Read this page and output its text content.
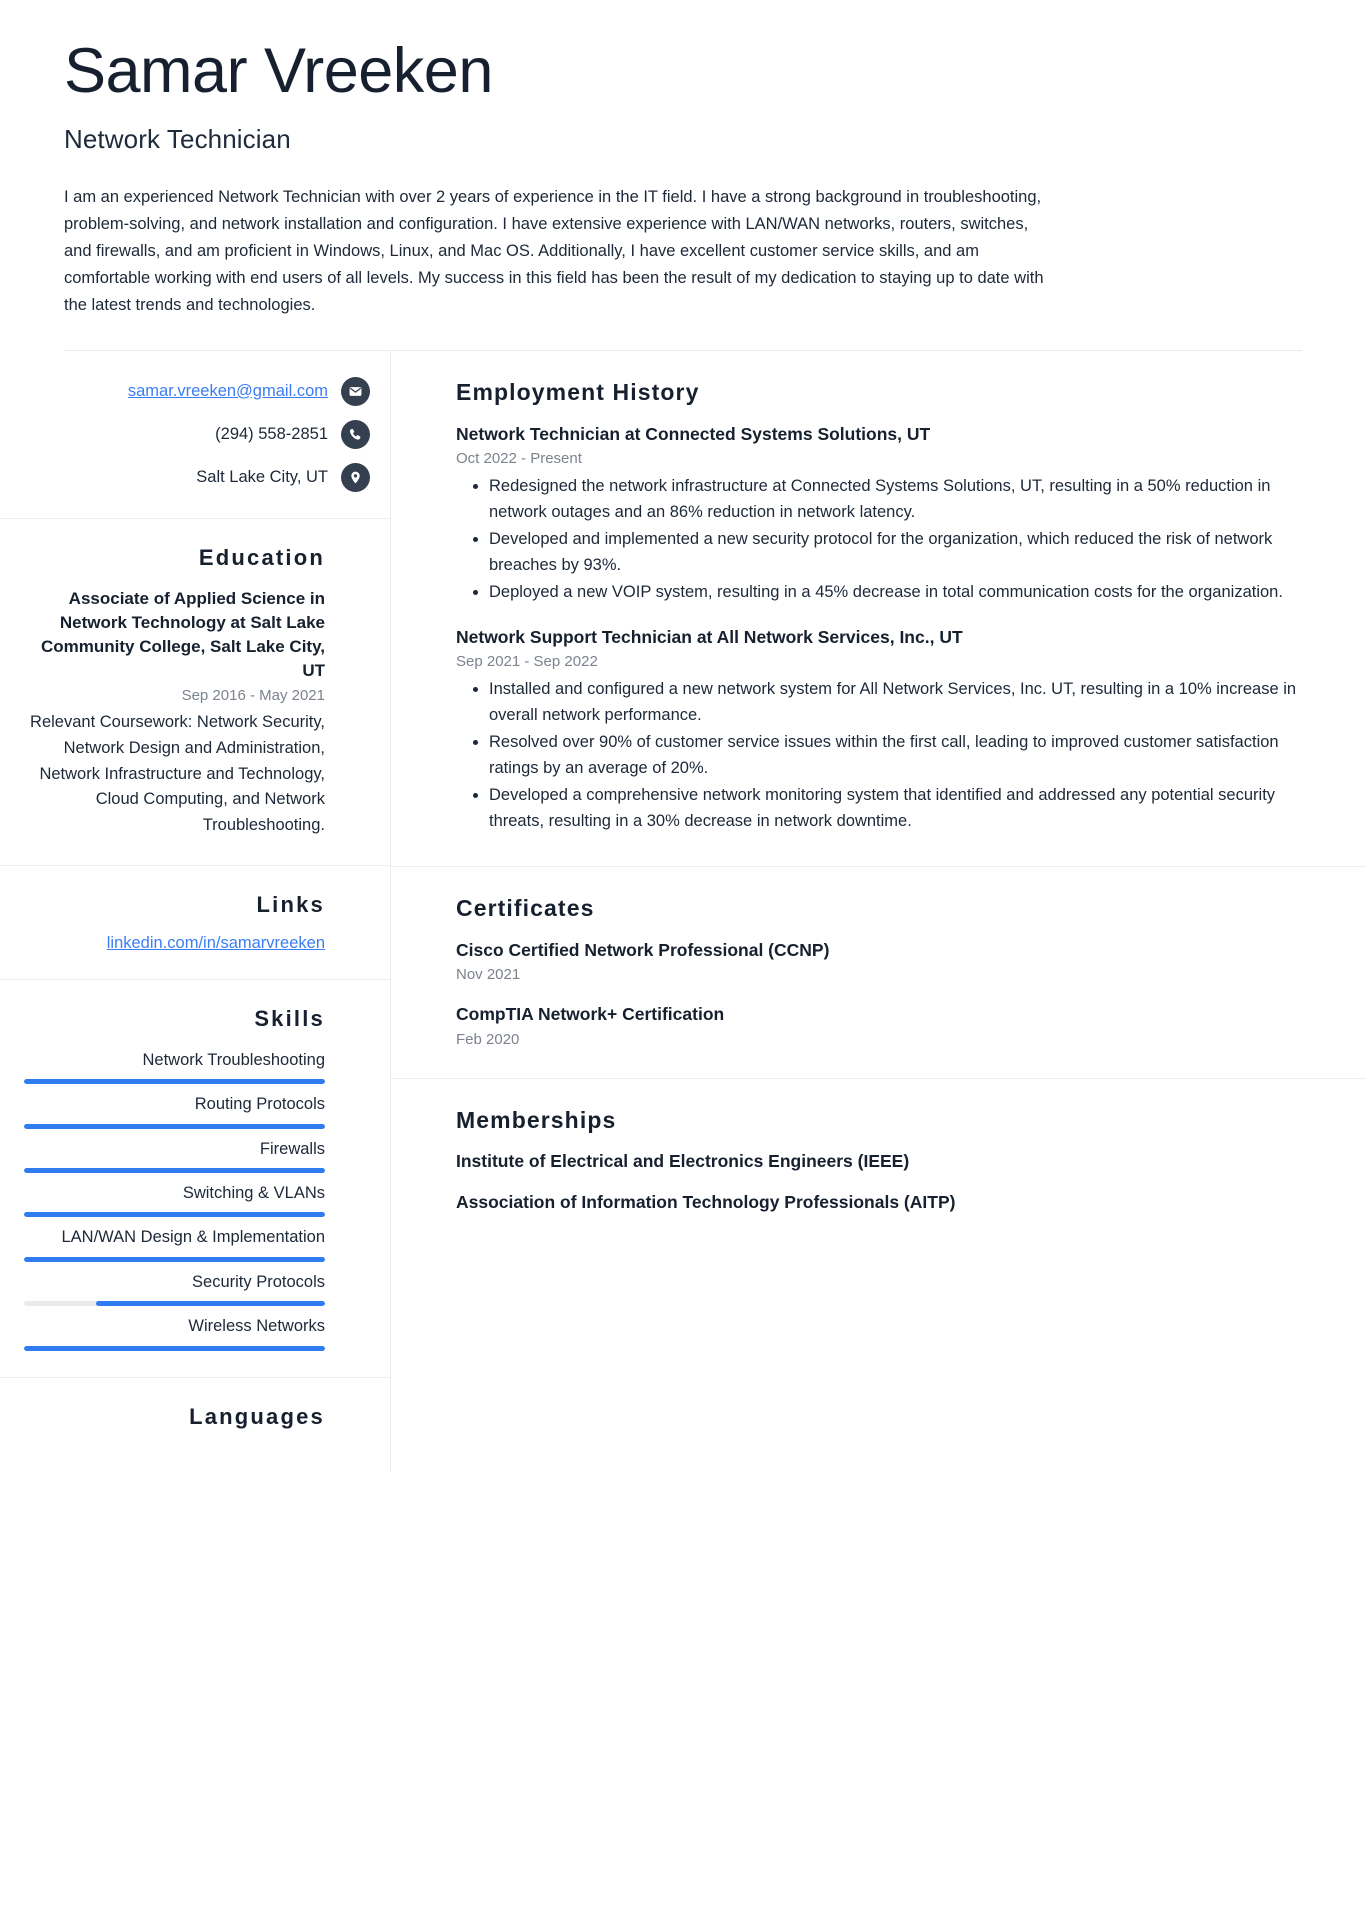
Samar Vreeken
Network Technician

I am an experienced Network Technician with over 2 years of experience in the IT field. I have a strong background in troubleshooting, problem-solving, and network installation and configuration. I have extensive experience with LAN/WAN networks, routers, switches, and firewalls, and am proficient in Windows, Linux, and Mac OS. Additionally, I have excellent customer service skills, and am comfortable working with end users of all levels. My success in this field has been the result of my dedication to staying up to date with the latest trends and technologies.

samar.vreeken@gmail.com
(294) 558-2851
Salt Lake City, UT
Education
Associate of Applied Science in Network Technology at Salt Lake Community College, Salt Lake City, UT
Sep 2016 - May 2021
Relevant Coursework: Network Security, Network Design and Administration, Network Infrastructure and Technology, Cloud Computing, and Network Troubleshooting.
Links
linkedin.com/in/samarvreeken
Skills
Network Troubleshooting
Routing Protocols
Firewalls
Switching & VLANs
LAN/WAN Design & Implementation
Security Protocols
Wireless Networks
Languages
Employment History
Network Technician at Connected Systems Solutions, UT
Oct 2022 - Present
• Redesigned the network infrastructure at Connected Systems Solutions, UT, resulting in a 50% reduction in network outages and an 86% reduction in network latency.
• Developed and implemented a new security protocol for the organization, which reduced the risk of network breaches by 93%.
• Deployed a new VOIP system, resulting in a 45% decrease in total communication costs for the organization.
Network Support Technician at All Network Services, Inc., UT
Sep 2021 - Sep 2022
• Installed and configured a new network system for All Network Services, Inc. UT, resulting in a 10% increase in overall network performance.
• Resolved over 90% of customer service issues within the first call, leading to improved customer satisfaction ratings by an average of 20%.
• Developed a comprehensive network monitoring system that identified and addressed any potential security threats, resulting in a 30% decrease in network downtime.
Certificates
Cisco Certified Network Professional (CCNP)
Nov 2021
CompTIA Network+ Certification
Feb 2020
Memberships
Institute of Electrical and Electronics Engineers (IEEE)
Association of Information Technology Professionals (AITP)
